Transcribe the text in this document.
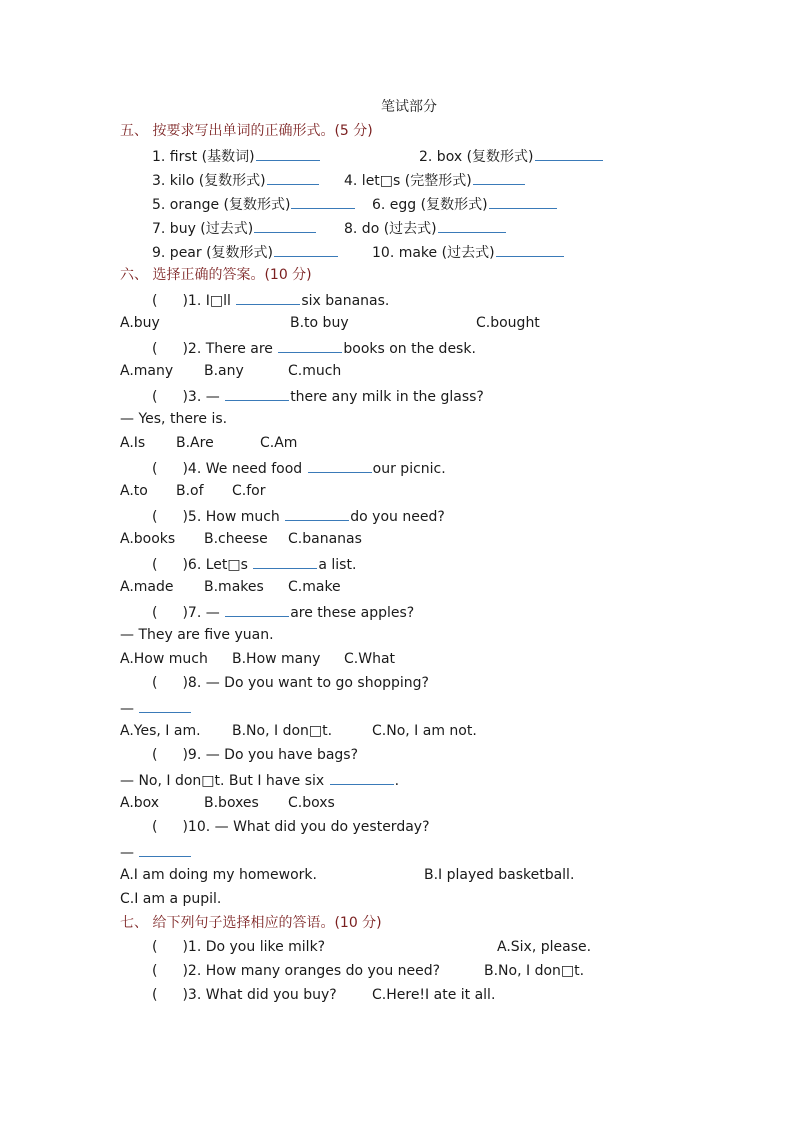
笔试部分
五、 按要求写出单词的正确形式。(5 分)
1. first (基数词)	2. box (复数形式)
3. kilo (复数形式)	4. let□s (完整形式)
5. orange (复数形式)	6. egg (复数形式)
7. buy (过去式)	8. do (过去式)
9. pear (复数形式)	10. make (过去式)
六、 选择正确的答案。(10 分)
( )1. I□ll	six bananas.
A.buy	B.to buy	C.bought
( )2. There are	books on the desk.
A.many B.any	C.much
( )3. —	there any milk in the glass?
— Yes, there is.
A.Is B.Are	C.Am
( )4. We need food	our picnic.
A.to B.of C.for
( )5. How much	do you need?
A.books B.cheese C.bananas
( )6. Let□s	a list.
A.made B.makes C.make
( )7. —	are these apples?
— They are five yuan.
A.How much B.How many C.What
( )8. — Do you want to go shopping?
—
A.Yes, I am. B.No, I don□t.	C.No, I am not.
( )9. — Do you have bags?
— No, I don□t. But I have six	.
A.box	B.boxes C.boxs
( )10. — What did you do yesterday?
—
A.I am doing my homework.	B.I played basketball.
C.I am a pupil.
七、 给下列句子选择相应的答语。(10 分)
( )1. Do you like milk?	A.Six, please.
( )2. How many oranges do you need?	B.No, I don□t.
( )3. What did you buy?	C.Here!I ate it all.
